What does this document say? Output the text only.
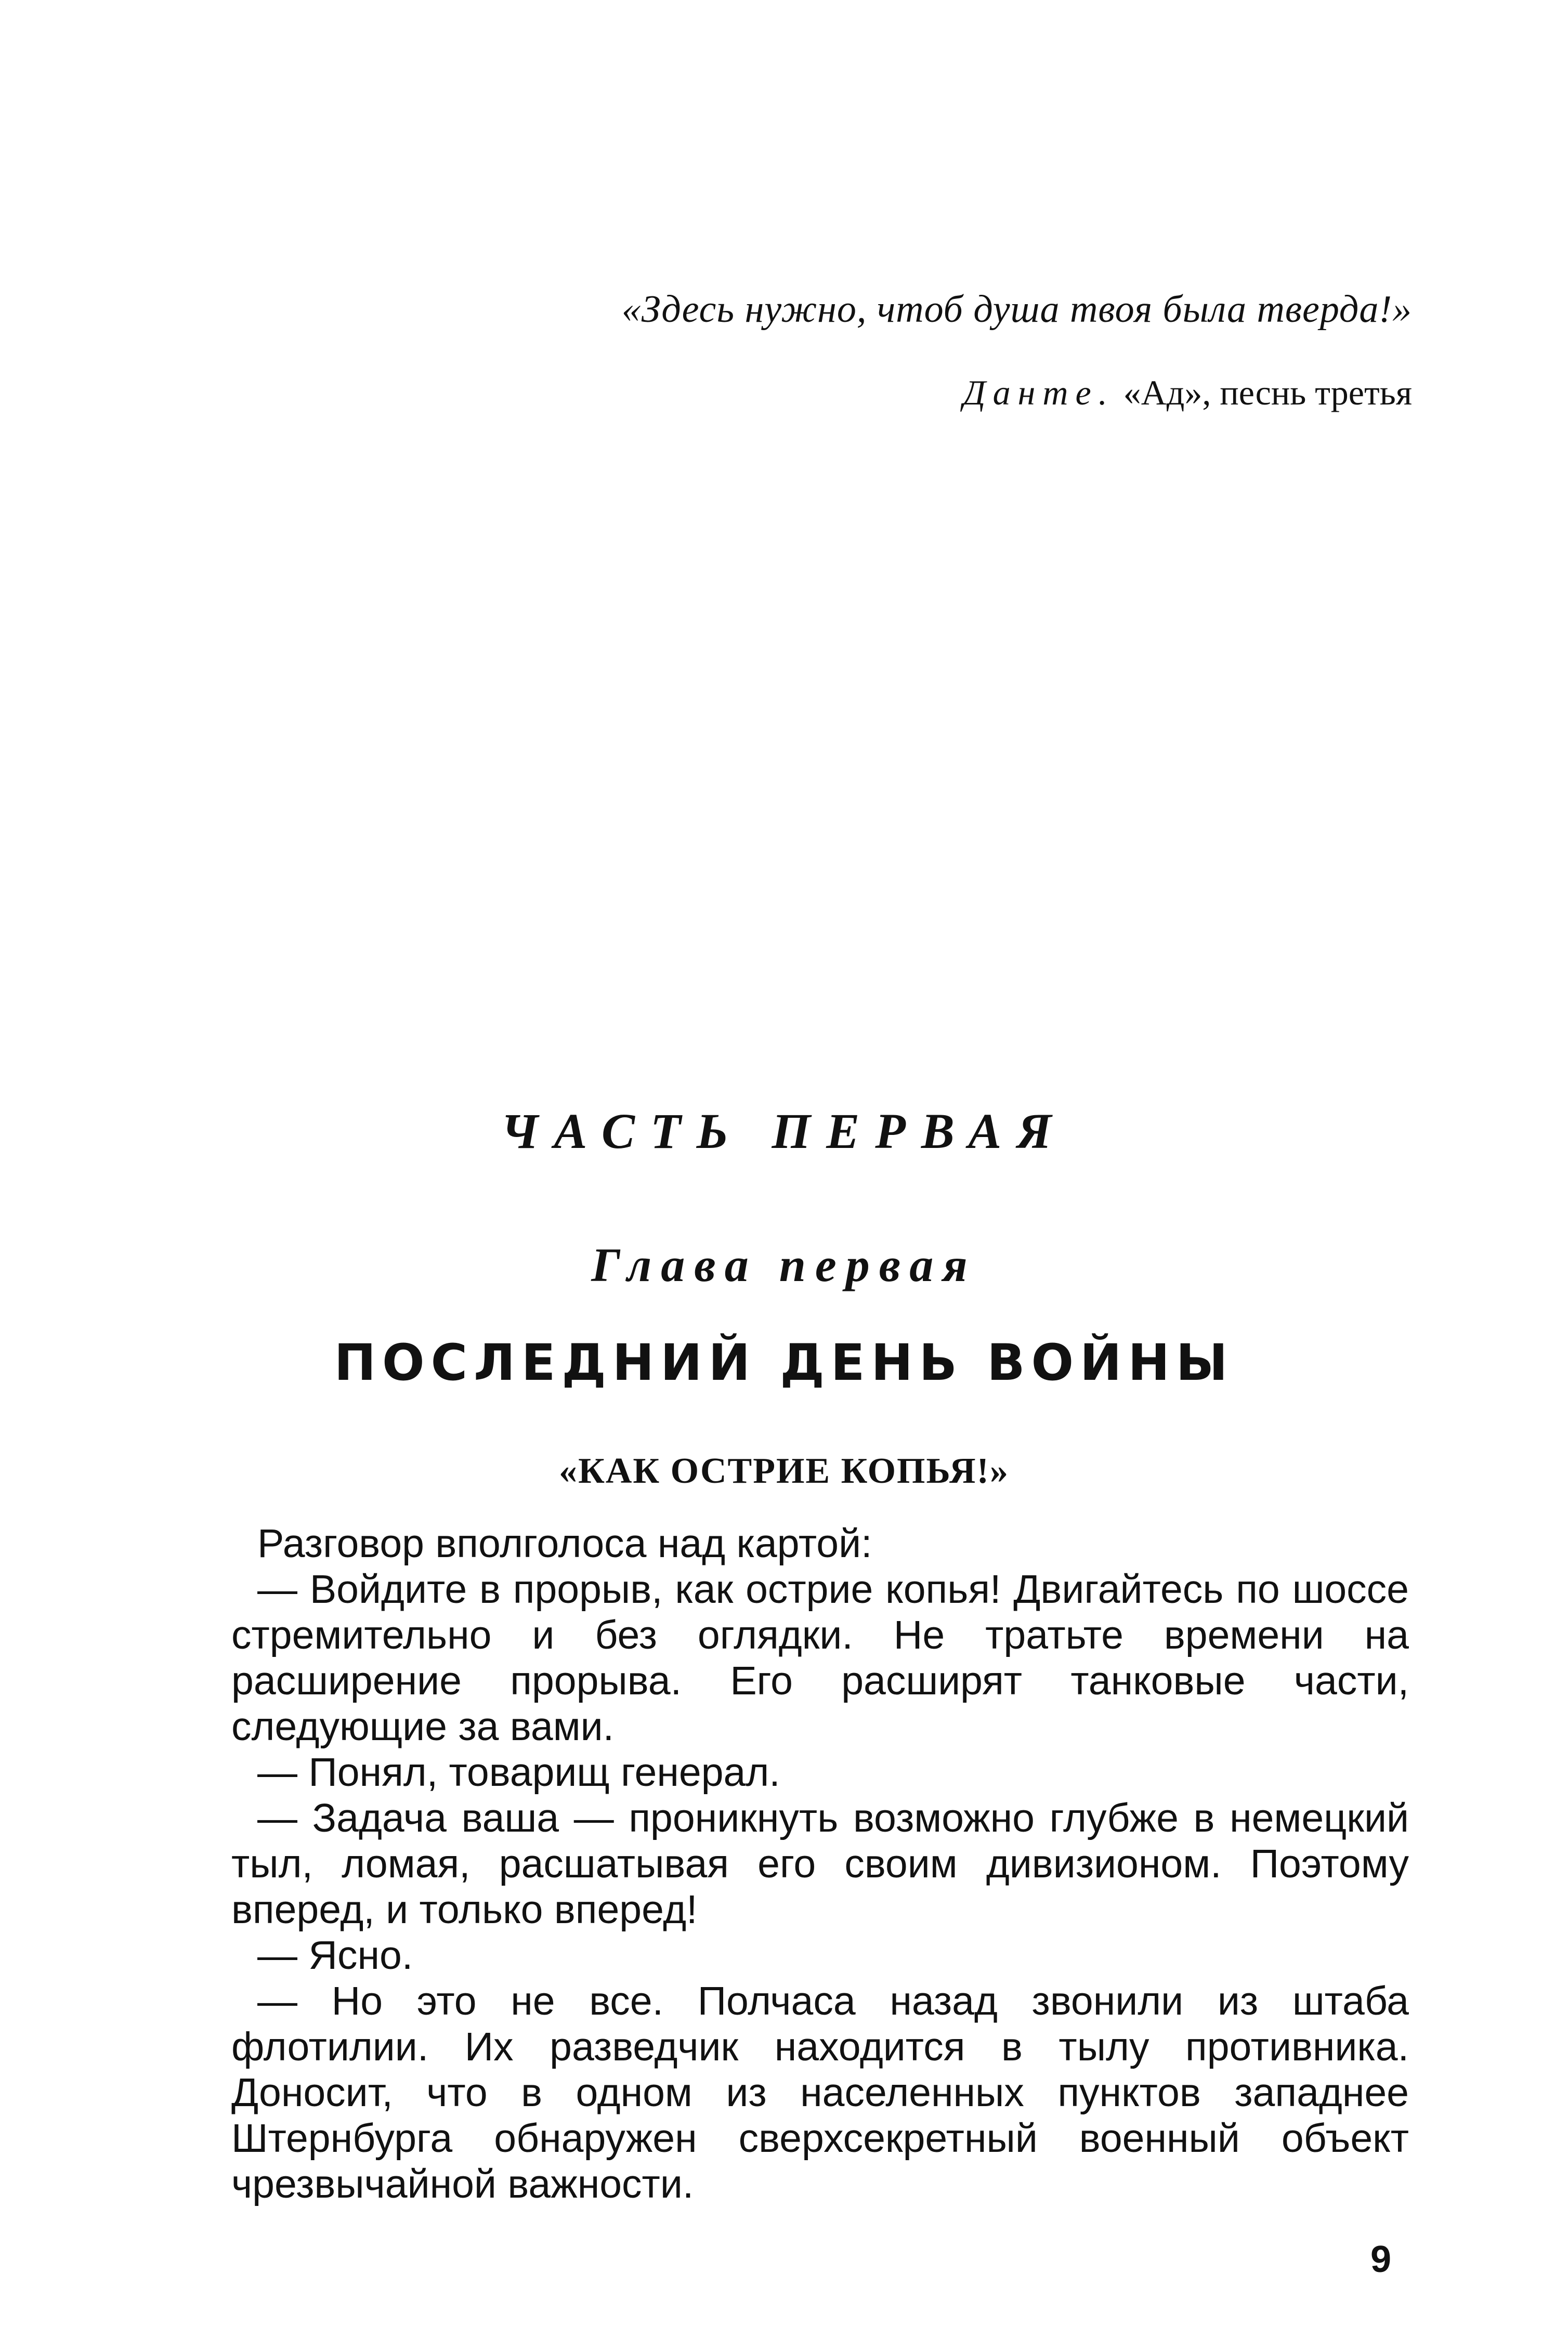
«Здесь нужно, чтоб душа твоя была тверда!»
Данте. «Ад», песнь третья
ЧАСТЬ ПЕРВАЯ
Глава первая
ПОСЛЕДНИЙ ДЕНЬ ВОЙНЫ
«КАК ОСТРИЕ КОПЬЯ!»

Разговор вполголоса над картой:

— Войдите в прорыв, как острие копья! Двигайтесь по шоссе стремительно и без оглядки. Не тратьте времени на расширение прорыва. Его расширят танковые части, следующие за вами.

— Понял, товарищ генерал.

— Задача ваша — проникнуть возможно глубже в немецкий тыл, ломая, расшатывая его своим дивизионом. Поэтому вперед, и только вперед!

— Ясно.

— Но это не все. Полчаса назад звонили из штаба флотилии. Их разведчик находится в тылу противника. Доносит, что в одном из населенных пунктов западнее Штернбурга обнаружен сверхсекретный военный объект чрезвычайной важности.

9
